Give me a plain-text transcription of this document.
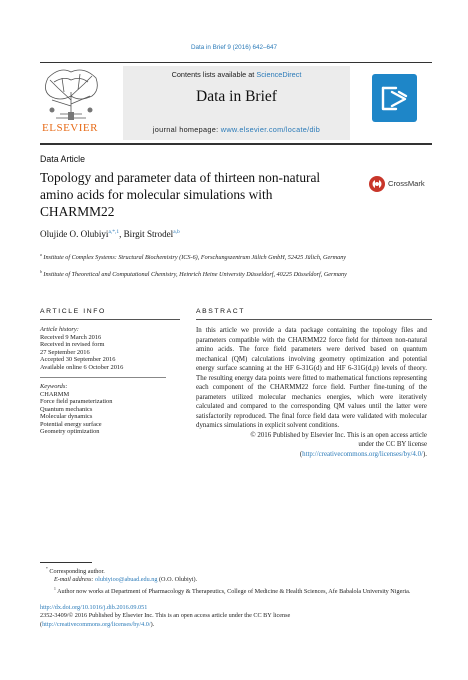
Data in Brief 9 (2016) 642–647
ELSEVIER
Contents lists available at ScienceDirect
Data in Brief
journal homepage: www.elsevier.com/locate/dib
Data Article
Topology and parameter data of thirteen non-natural amino acids for molecular simulations with CHARMM22
CrossMark
Olujide O. Olubiyi$^{a,*,1}$, Birgit Strodel$^{a,b}$
$^a$ Institute of Complex Systems: Structural Biochemistry (ICS-6), Forschungszentrum Jülich GmbH, 52425 Jülich, Germany
$^b$ Institute of Theoretical and Computational Chemistry, Heinrich Heine University Düsseldorf, 40225 Düsseldorf, Germany
ARTICLE INFO	ABSTRACT
Article history:
Received 9 March 2016
Received in revised form
27 September 2016
Accepted 30 September 2016
Available online 6 October 2016
Keywords:
CHARMM
Force field parameterization
Quantum mechanics
Molecular dynamics
Potential energy surface
Geometry optimization
In this article we provide a data package containing the topology files and parameters compatible with the CHARMM22 force field for thirteen non-natural amino acids. The force field parameters were derived based on quantum mechanical (QM) calculations involving geometry optimization and potential energy surface scanning at the HF 6-31G(d) and HF 6-31G(d,p) levels of theory. The resulting energy data points were fitted to mathematical functions representing each component of the CHARMM22 force field. Further fine-tuning of the parameters utilized molecular mechanics energies, which were iteratively calculated and compared to the corresponding QM values until the latter were satisfactorily reproduced. The final force field data were validated with molecular dynamics simulations in explicit solvent conditions.
© 2016 Published by Elsevier Inc. This is an open access article
under the CC BY license
(http://creativecommons.org/licenses/by/4.0/).
* Corresponding author.
E-mail address: olubiyioo@abuad.edu.ng (O.O. Olubiyi).
$^1$ Author now works at Department of Pharmacology & Therapeutics, College of Medicine & Health Sciences, Afe Babalola University Nigeria.
http://dx.doi.org/10.1016/j.dib.2016.09.051
2352-3409/© 2016 Published by Elsevier Inc. This is an open access article under the CC BY license
(http://creativecommons.org/licenses/by/4.0/).
